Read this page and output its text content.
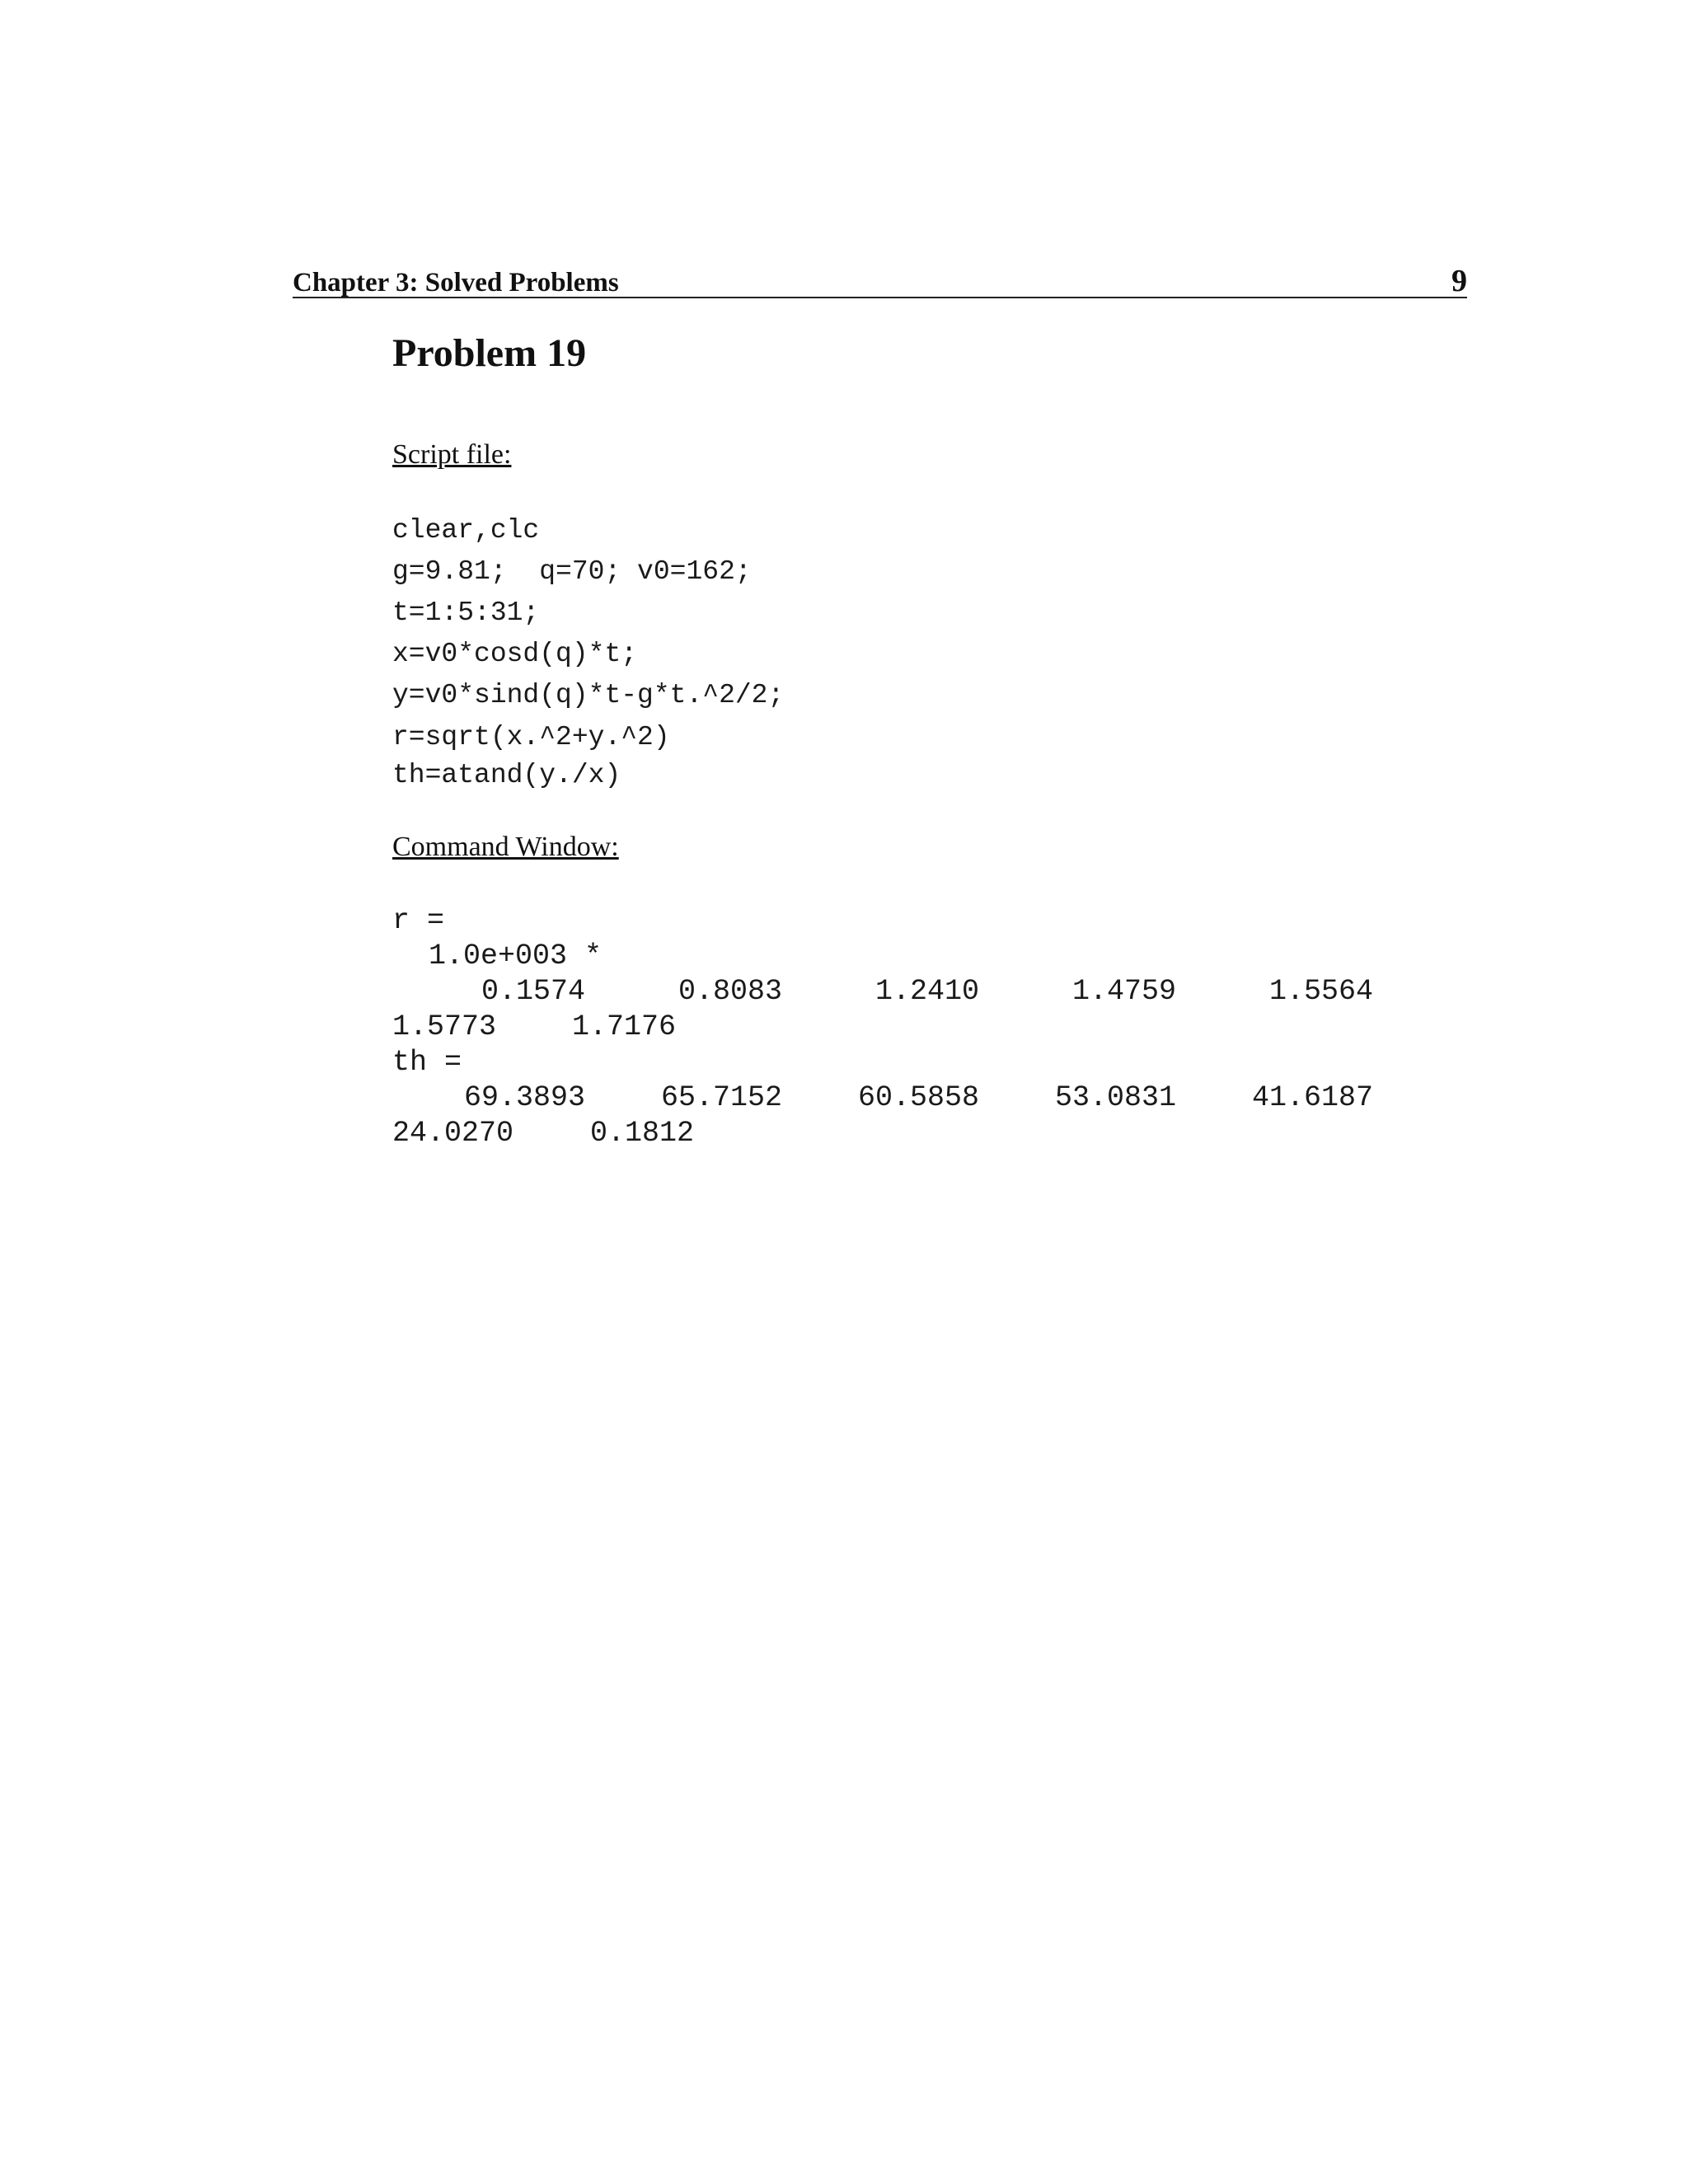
Chapter 3: Solved Problems	9
Problem 19
Script file:
clear,clc
g=9.81;  q=70; v0=162;
t=1:5:31;
x=v0*cosd(q)*t;
y=v0*sind(q)*t-g*t.^2/2;
r=sqrt(x.^2+y.^2)
th=atand(y./x)
Command Window:
r =
1.0e+003 *
0.1574	0.8083	1.2410	1.4759	1.5564
1.5773	1.7176
th =
69.3893	65.7152	60.5858	53.0831	41.6187
24.0270	0.1812
